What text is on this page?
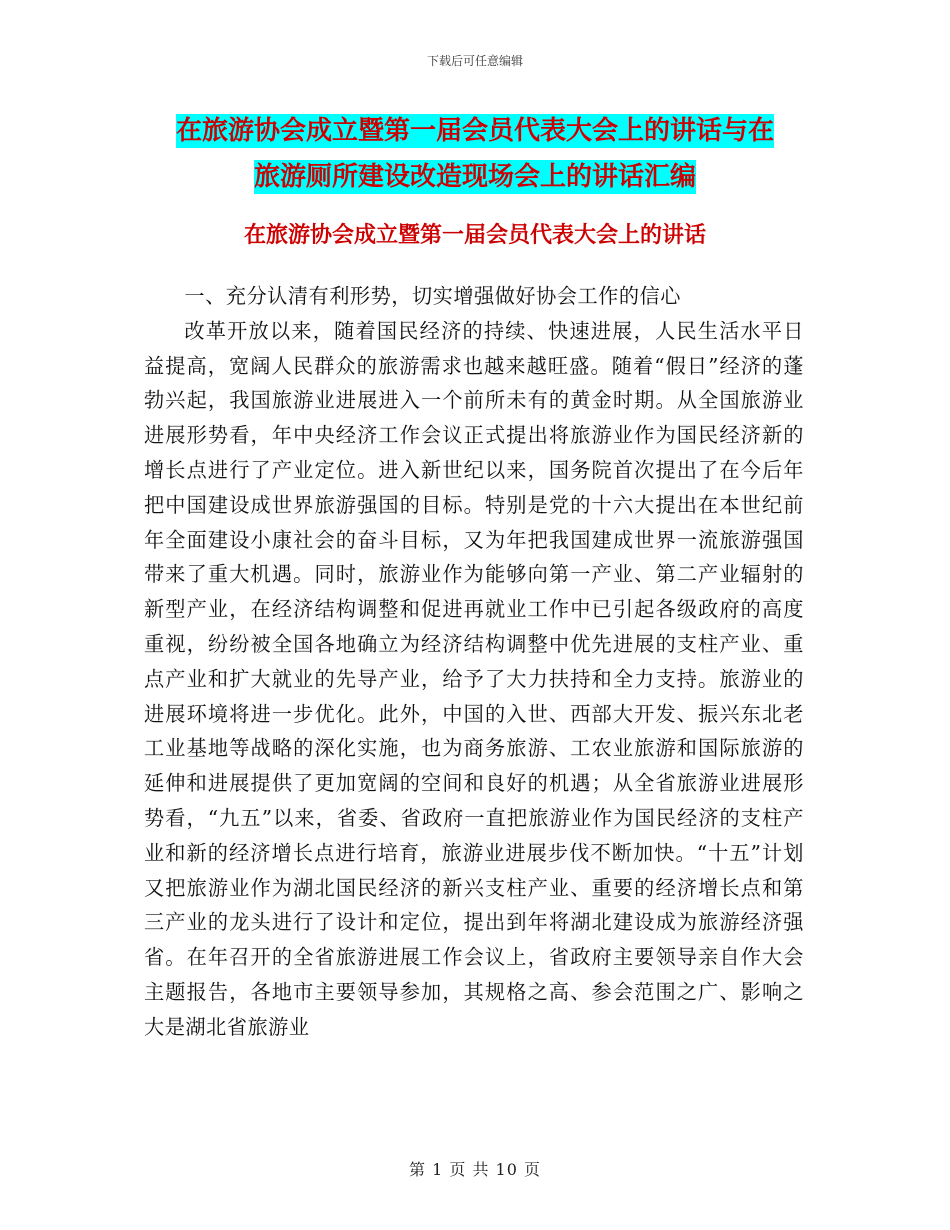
下载后可任意编辑
在旅游协会成立暨第一届会员代表大会上的讲话与在
旅游厕所建设改造现场会上的讲话汇编
在旅游协会成立暨第一届会员代表大会上的讲话

一、充分认清有利形势，切实增强做好协会工作的信心

改革开放以来，随着国民经济的持续、快速进展，人民生活水平日益提高，宽阔人民群众的旅游需求也越来越旺盛。随着“假日”经济的蓬勃兴起，我国旅游业进展进入一个前所未有的黄金时期。从全国旅游业进展形势看，年中央经济工作会议正式提出将旅游业作为国民经济新的增长点进行了产业定位。进入新世纪以来，国务院首次提出了在今后年把中国建设成世界旅游强国的目标。特别是党的十六大提出在本世纪前年全面建设小康社会的奋斗目标，又为年把我国建成世界一流旅游强国带来了重大机遇。同时，旅游业作为能够向第一产业、第二产业辐射的新型产业，在经济结构调整和促进再就业工作中已引起各级政府的高度重视，纷纷被全国各地确立为经济结构调整中优先进展的支柱产业、重点产业和扩大就业的先导产业，给予了大力扶持和全力支持。旅游业的进展环境将进一步优化。此外，中国的入世、西部大开发、振兴东北老工业基地等战略的深化实施，也为商务旅游、工农业旅游和国际旅游的延伸和进展提供了更加宽阔的空间和良好的机遇；从全省旅游业进展形势看，“九五”以来，省委、省政府一直把旅游业作为国民经济的支柱产业和新的经济增长点进行培育，旅游业进展步伐不断加快。“十五”计划又把旅游业作为湖北国民经济的新兴支柱产业、重要的经济增长点和第三产业的龙头进行了设计和定位，提出到年将湖北建设成为旅游经济强省。在年召开的全省旅游进展工作会议上，省政府主要领导亲自作大会主题报告，各地市主要领导参加，其规格之高、参会范围之广、影响之大是湖北省旅游业

第 1 页 共 10 页
